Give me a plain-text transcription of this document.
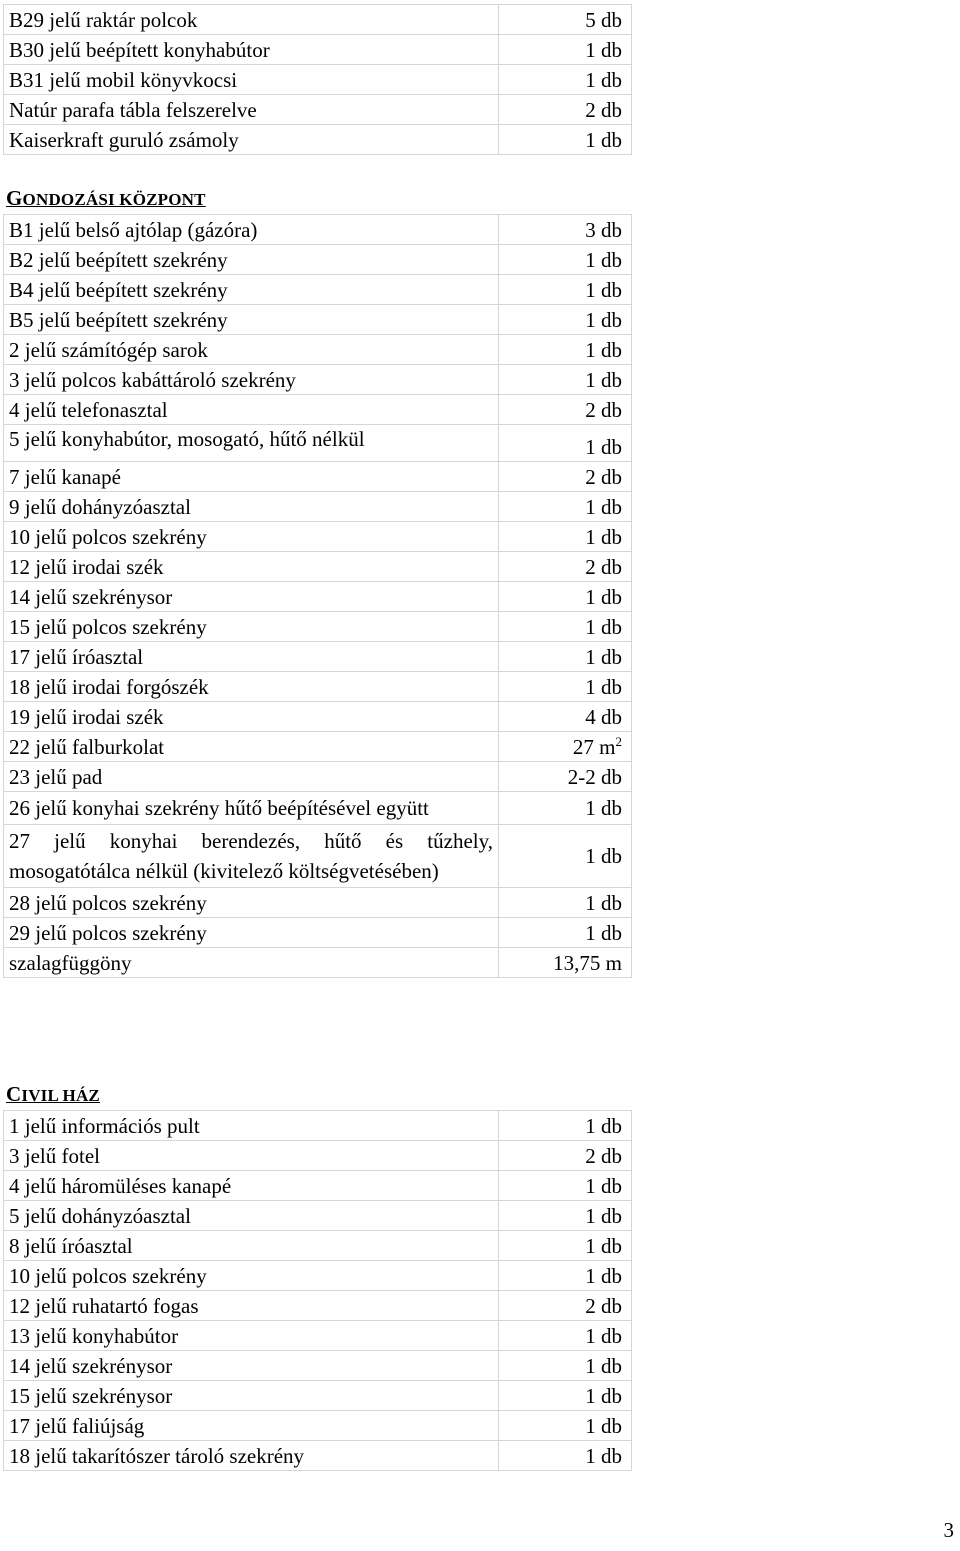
B29 jelű raktár polcok	5 db
B30 jelű beépített konyhabútor	1 db
B31 jelű mobil könyvkocsi	1 db
Natúr parafa tábla felszerelve	2 db
Kaiserkraft guruló zsámoly	1 db
GONDOZÁSI KÖZPONT
B1 jelű belső ajtólap (gázóra)	3 db
B2 jelű beépített szekrény	1 db
B4 jelű beépített szekrény	1 db
B5 jelű beépített szekrény	1 db
2 jelű számítógép sarok	1 db
3 jelű polcos kabáttároló szekrény	1 db
4 jelű telefonasztal	2 db
5 jelű konyhabútor, mosogató, hűtő nélkül	1 db
7 jelű kanapé	2 db
9 jelű dohányzóasztal	1 db
10 jelű polcos szekrény	1 db
12 jelű irodai szék	2 db
14 jelű szekrénysor	1 db
15 jelű polcos szekrény	1 db
17 jelű íróasztal	1 db
18 jelű irodai forgószék	1 db
19 jelű irodai szék	4 db
22 jelű falburkolat	27 $m^2$
23 jelű pad	2-2 db
26 jelű konyhai szekrény hűtő beépítésével együtt	1 db
27 jelű konyhai berendezés, hűtő és tűzhely, mosogatótálca nélkül (kivitelező költségvetésében)	1 db
28 jelű polcos szekrény	1 db
29 jelű polcos szekrény	1 db
szalagfüggöny	13,75 m
CIVIL HÁZ
1 jelű információs pult	1 db
3 jelű fotel	2 db
4 jelű háromüléses kanapé	1 db
5 jelű dohányzóasztal	1 db
8 jelű íróasztal	1 db
10 jelű polcos szekrény	1 db
12 jelű ruhatartó fogas	2 db
13 jelű konyhabútor	1 db
14 jelű szekrénysor	1 db
15 jelű szekrénysor	1 db
17 jelű faliújság	1 db
18 jelű takarítószer tároló szekrény	1 db
3
